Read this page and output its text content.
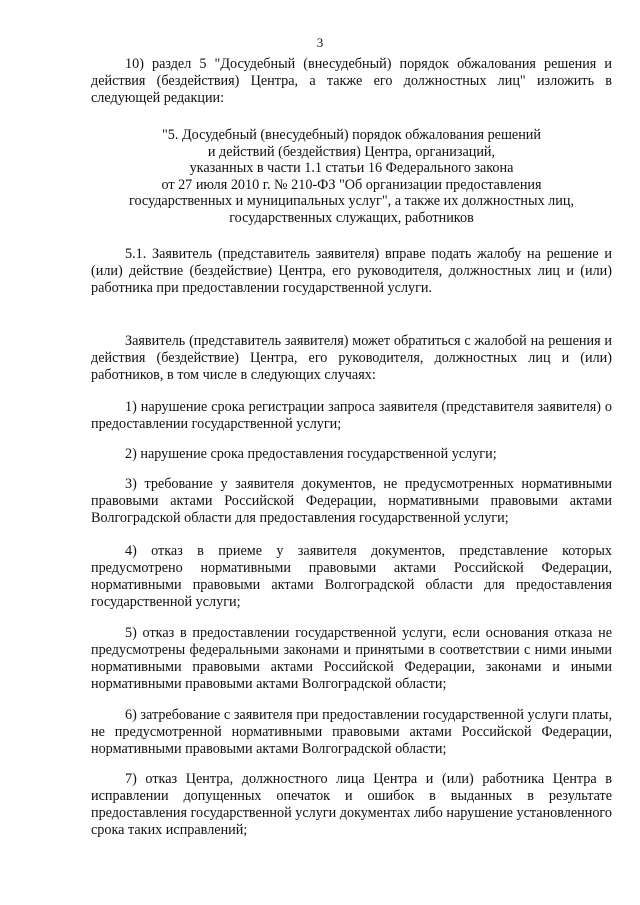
3
10) раздел 5 "Досудебный (внесудебный) порядок обжалования решения и действия (бездействия) Центра, а также его должностных лиц" изложить в следующей редакции:
"5. Досудебный (внесудебный) порядок обжалования решений
и действий (бездействия) Центра, организаций,
указанных в части 1.1 статьи 16 Федерального закона
от 27 июля 2010 г. № 210-ФЗ "Об организации предоставления
государственных и муниципальных услуг", а также их должностных лиц,
государственных служащих, работников
5.1. Заявитель (представитель заявителя) вправе подать жалобу на решение и (или) действие (бездействие) Центра, его руководителя, должностных лиц и (или) работника при предоставлении государственной услуги.
Заявитель (представитель заявителя) может обратиться с жалобой на решения и действия (бездействие) Центра, его руководителя, должностных лиц и (или) работников, в том числе в следующих случаях:
1) нарушение срока регистрации запроса заявителя (представителя заявителя) о предоставлении государственной услуги;
2) нарушение срока предоставления государственной услуги;
3) требование у заявителя документов, не предусмотренных нормативными правовыми актами Российской Федерации, нормативными правовыми актами Волгоградской области для предоставления государственной услуги;
4) отказ в приеме у заявителя документов, представление которых предусмотрено нормативными правовыми актами Российской Федерации, нормативными правовыми актами Волгоградской области для предоставления государственной услуги;
5) отказ в предоставлении государственной услуги, если основания отказа не предусмотрены федеральными законами и принятыми в соответствии с ними иными нормативными правовыми актами Российской Федерации, законами и иными нормативными правовыми актами Волгоградской области;
6) затребование с заявителя при предоставлении государственной услуги платы, не предусмотренной нормативными правовыми актами Российской Федерации, нормативными правовыми актами Волгоградской области;
7) отказ Центра, должностного лица Центра и (или) работника Центра в исправлении допущенных опечаток и ошибок в выданных в результате предоставления государственной услуги документах либо нарушение установленного срока таких исправлений;
